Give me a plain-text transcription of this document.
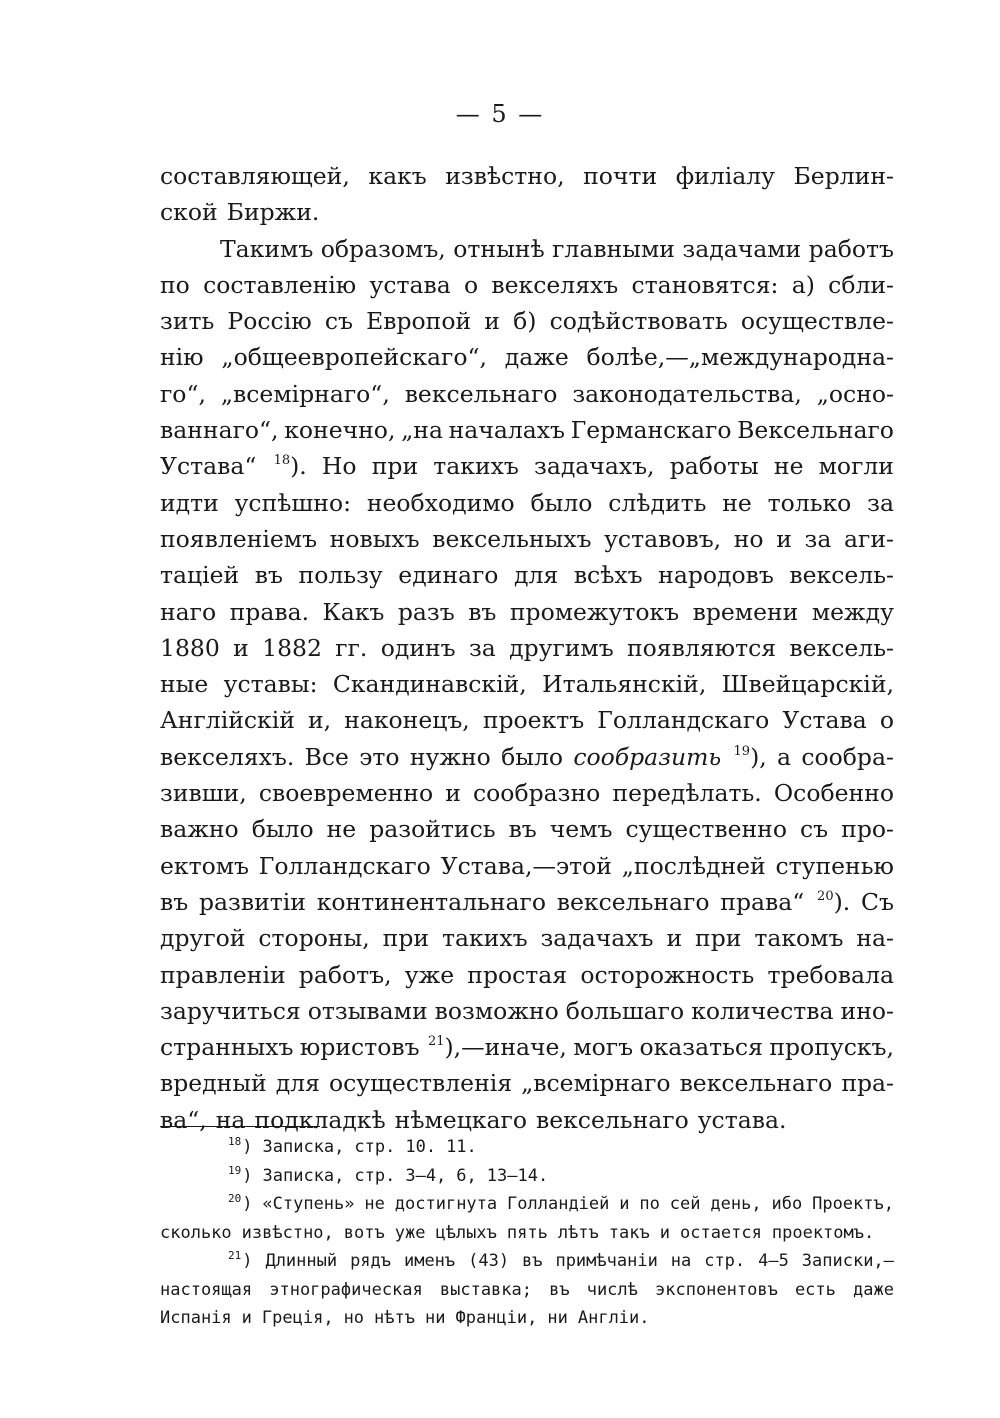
— 5 —
составляющей, какъ извѣстно, почти филіалу Берлин-
ской Биржи.
Такимъ образомъ, отнынѣ главными задачами работъ
по составленію устава о векселяхъ становятся: а) сбли-
зить Россію съ Европой и б) содѣйствовать осуществле-
нію „общеевропейскаго“, даже болѣе,—„международна-
го“, „всемірнаго“, вексельнаго законодательства, „осно-
ваннаго“, конечно, „на началахъ Германскаго Вексельнаго
Устава“ 18). Но при такихъ задачахъ, работы не могли
идти успѣшно: необходимо было слѣдить не только за
появленіемъ новыхъ вексельныхъ уставовъ, но и за аги-
таціей въ пользу единаго для всѣхъ народовъ вексель-
наго права. Какъ разъ въ промежутокъ времени между
1880 и 1882 гг. одинъ за другимъ появляются вексель-
ные уставы: Скандинавскій, Итальянскій, Швейцарскій,
Англійскій и, наконецъ, проектъ Голландскаго Устава о
векселяхъ. Все это нужно было сообразить 19), а сообра-
зивши, своевременно и сообразно передѣлать. Особенно
важно было не разойтись въ чемъ существенно съ про-
ектомъ Голландскаго Устава,—этой „послѣдней ступенью
въ развитіи континентальнаго вексельнаго права“ 20). Съ
другой стороны, при такихъ задачахъ и при такомъ на-
правленіи работъ, уже простая осторожность требовала
заручиться отзывами возможно большаго количества ино-
странныхъ юристовъ 21),—иначе, могъ оказаться пропускъ,
вредный для осуществленія „всемірнаго вексельнаго пра-
ва“, на подкладкѣ нѣмецкаго вексельнаго устава.
$^{18}$) Записка, стр. 10. 11.
$^{19}$) Записка, стр. 3—4, 6, 13—14.
$^{20}$) «Ступень» не достигнута Голландіей и по сей день, ибо Проектъ,
сколько извѣстно, вотъ уже цѣлыхъ пять лѣтъ такъ и остается проектомъ.
$^{21}$) Длинный рядъ именъ (43) въ примѣчаніи на стр. 4—5 Записки,—
настоящая этнографическая выставка; въ числѣ экспонентовъ есть даже
Испанія и Греція, но нѣтъ ни Франціи, ни Англіи.
